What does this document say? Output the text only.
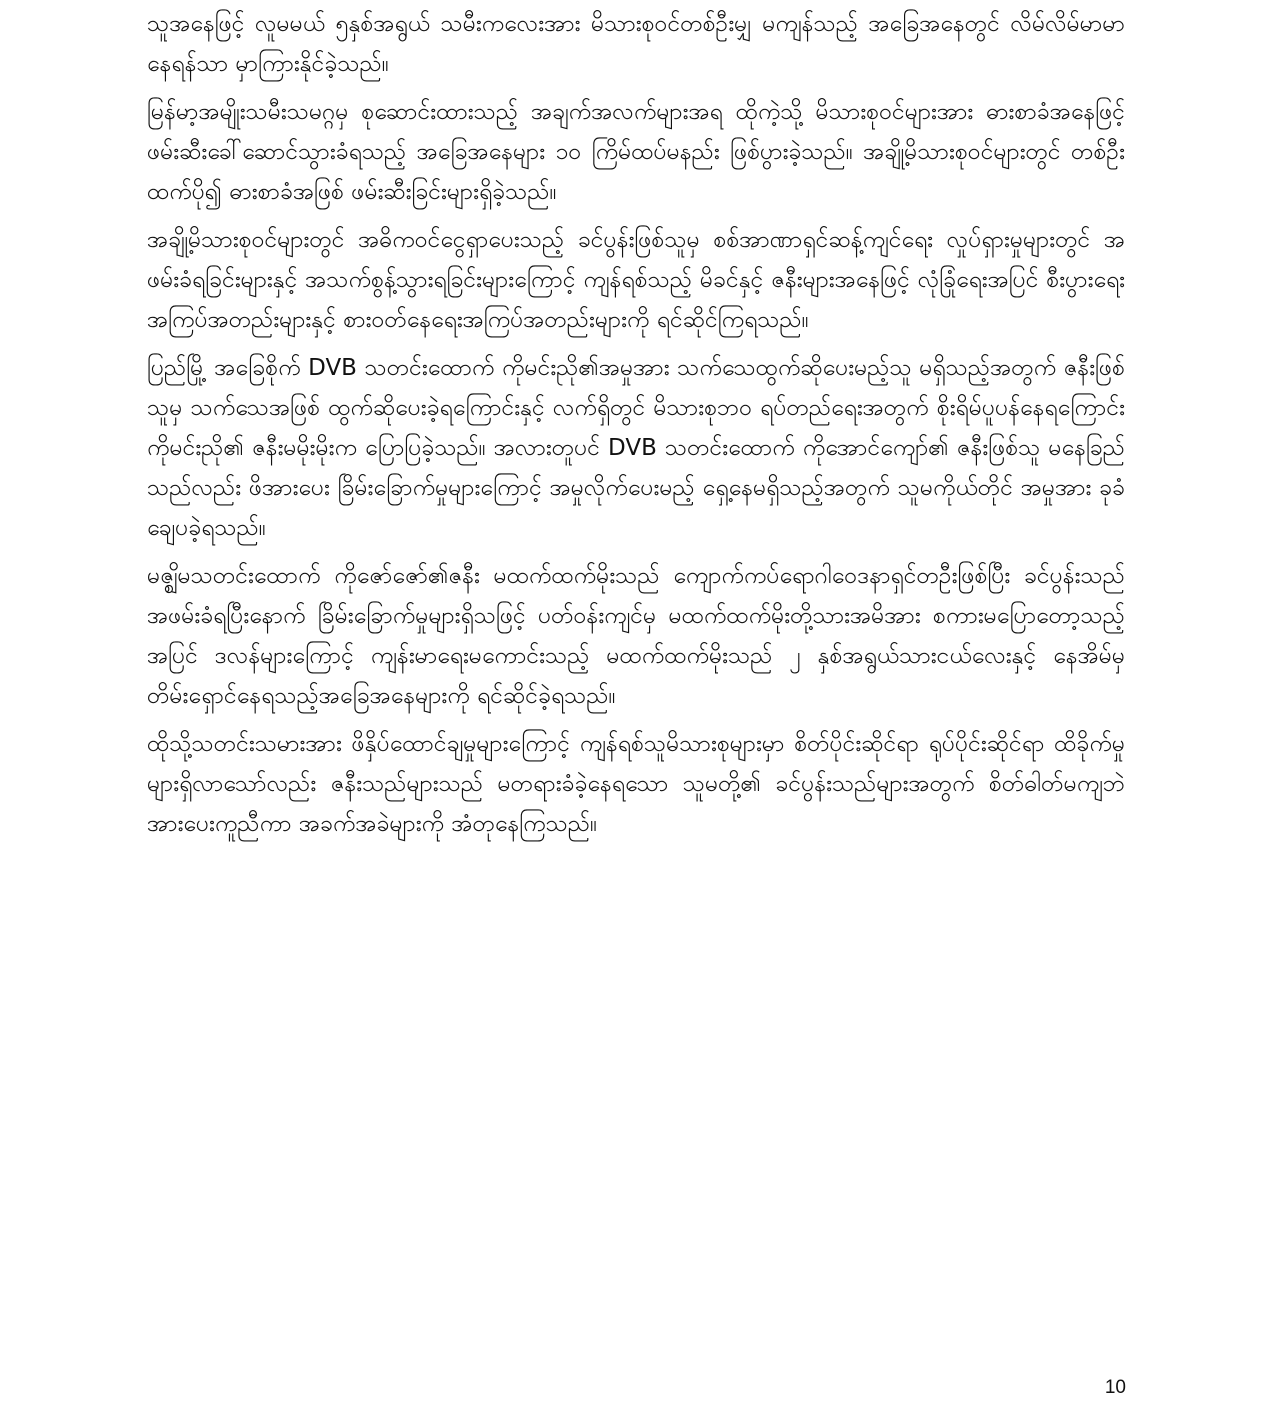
သူအနေဖြင့် လူမမယ် ၅နှစ်အရွယ် သမီးကလေးအား မိသားစုဝင်တစ်ဦးမျှ မကျန်သည့် အခြေအနေတွင် လိမ်လိမ်မာမာနေရန်သာ မှာကြားနိုင်ခဲ့သည်။

မြန်မာ့အမျိုးသမီးသမဂ္ဂမှ စုဆောင်းထားသည့် အချက်အလက်များအရ ထိုကဲ့သို့ မိသားစုဝင်များအား ဓားစာခံအနေဖြင့် ဖမ်းဆီးခေါ်ဆောင်သွားခံရသည့် အခြေအနေများ ၁၀ ကြိမ်ထပ်မနည်း ဖြစ်ပွားခဲ့သည်။ အချို့မိသားစုဝင်များတွင် တစ်ဦးထက်ပို၍ ဓားစာခံအဖြစ် ဖမ်းဆီးခြင်းများရှိခဲ့သည်။

အချို့မိသားစုဝင်များတွင် အဓိကဝင်ငွေရှာပေးသည့် ခင်ပွန်းဖြစ်သူမှ စစ်အာဏာရှင်ဆန့်ကျင်ရေး လှုပ်ရှားမှုများတွင် အဖမ်းခံရခြင်းများနှင့် အသက်စွန့်သွားရခြင်းများကြောင့် ကျန်ရစ်သည့် မိခင်နှင့် ဇနီးများအနေဖြင့် လုံခြုံရေးအပြင် စီးပွားရေးအကြပ်အတည်းများနှင့် စားဝတ်နေရေးအကြပ်အတည်းများကို ရင်ဆိုင်ကြရသည်။

ပြည်မြို့ အခြေစိုက် DVB သတင်းထောက် ကိုမင်းညို၏အမှုအား သက်သေထွက်ဆိုပေးမည့်သူ မရှိသည့်အတွက် ဇနီးဖြစ်သူမှ သက်သေအဖြစ် ထွက်ဆိုပေးခဲ့ရကြောင်းနှင့် လက်ရှိတွင် မိသားစုဘဝ ရပ်တည်ရေးအတွက် စိုးရိမ်ပူပန်နေရကြောင်း ကိုမင်းညို၏ ဇနီးမမိုးမိုးက ပြောပြခဲ့သည်။ အလားတူပင် DVB သတင်းထောက် ကိုအောင်ကျော်၏ ဇနီးဖြစ်သူ မနေခြည်သည်လည်း ဖိအားပေး ခြိမ်းခြောက်မှုများကြောင့် အမှုလိုက်ပေးမည့် ရှေ့နေမရှိသည့်အတွက် သူမကိုယ်တိုင် အမှုအား ခုခံချေပခဲ့ရသည်။

မဇ္ဈိမသတင်းထောက် ကိုဇော်ဇော်၏ဇနီး မထက်ထက်မိုးသည် ကျောက်ကပ်ရောဂါဝေဒနာရှင်တဦးဖြစ်ပြီး ခင်ပွန်းသည် အဖမ်းခံရပြီးနောက် ခြိမ်းခြောက်မှုများရှိသဖြင့် ပတ်ဝန်းကျင်မှ မထက်ထက်မိုးတို့သားအမိအား စကားမပြောတော့သည့်အပြင် ဒလန်များကြောင့် ကျန်းမာရေးမကောင်းသည့် မထက်ထက်မိုးသည် ၂ နှစ်အရွယ်သားငယ်လေးနှင့် နေအိမ်မှ တိမ်းရှောင်နေရသည့်အခြေအနေများကို ရင်ဆိုင်ခဲ့ရသည်။

ထိုသို့သတင်းသမားအား ဖိနှိပ်ထောင်ချမှုများကြောင့် ကျန်ရစ်သူမိသားစုများမှာ စိတ်ပိုင်းဆိုင်ရာ ရုပ်ပိုင်းဆိုင်ရာ ထိခိုက်မှုများရှိလာသော်လည်း ဇနီးသည်များသည် မတရားခံခဲ့နေရသော သူမတို့၏ ခင်ပွန်းသည်များအတွက် စိတ်ဓါတ်မကျဘဲ အားပေးကူညီကာ အခက်အခဲများကို အံတုနေကြသည်။

10
